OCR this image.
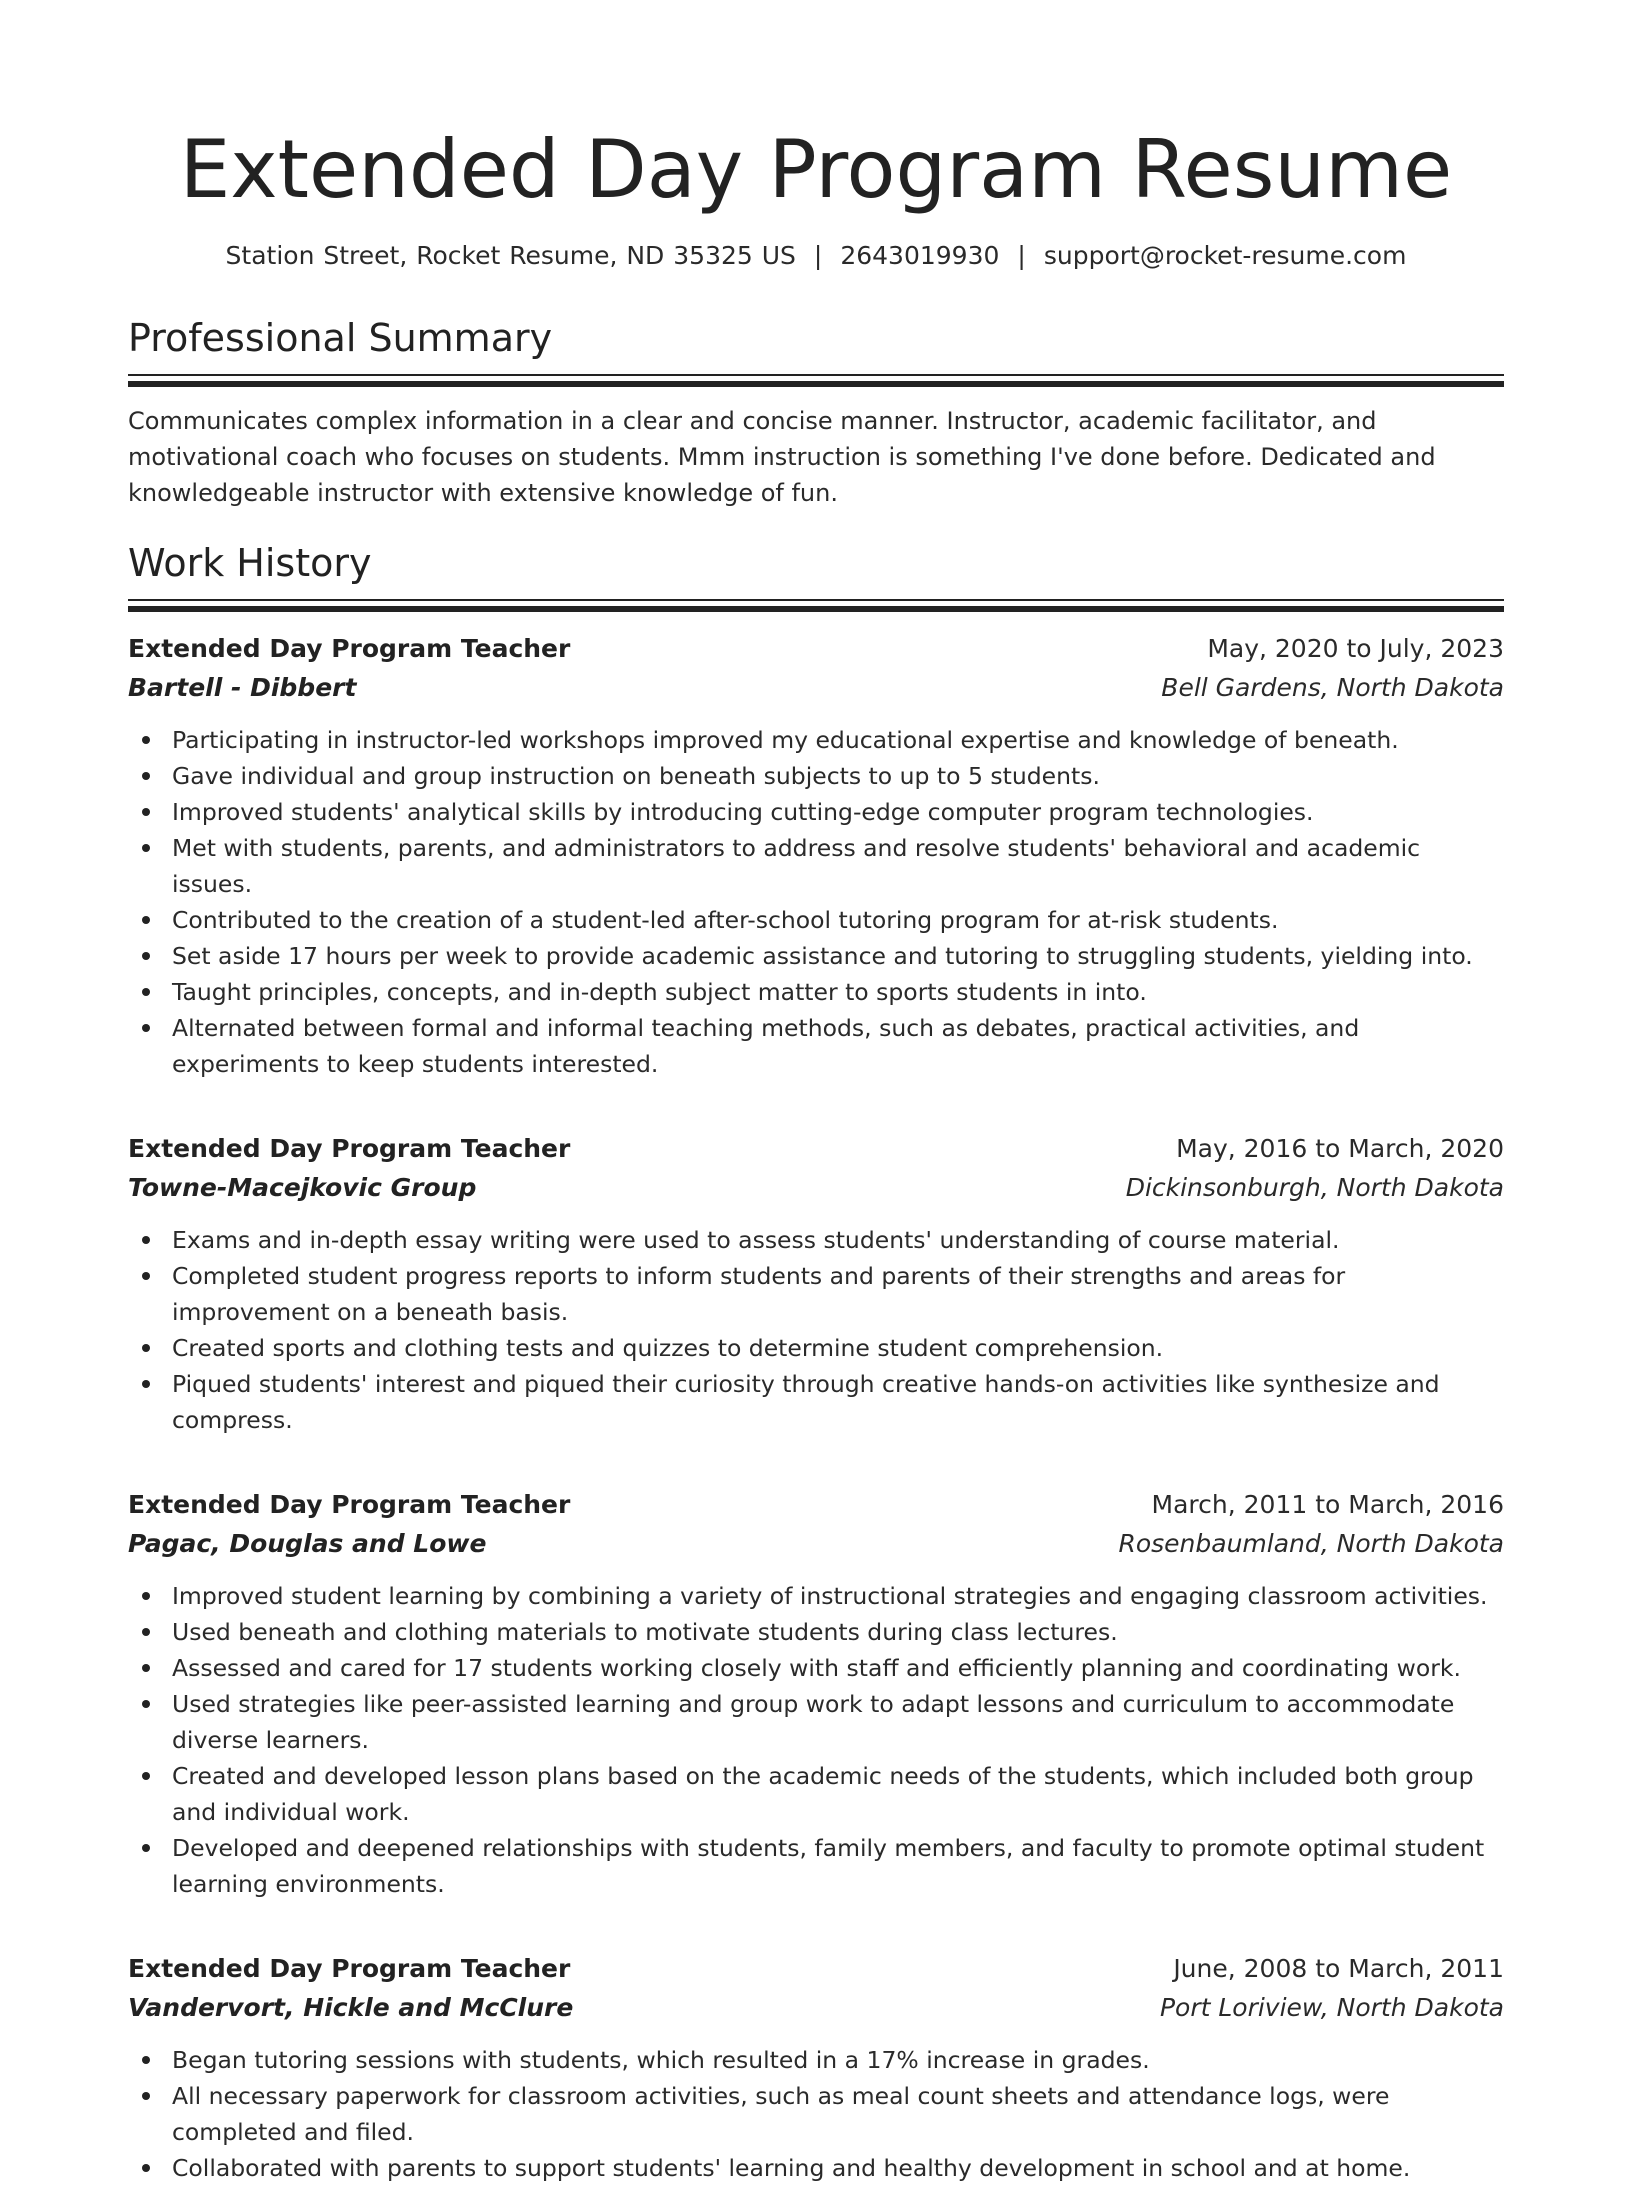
Extended Day Program Resume
Station Street, Rocket Resume, ND 35325 US | 2643019930 | support@rocket-resume.com
Professional Summary
Communicates complex information in a clear and concise manner. Instructor, academic facilitator, and motivational coach who focuses on students. Mmm instruction is something I've done before. Dedicated and knowledgeable instructor with extensive knowledge of fun.
Work History
Extended Day Program Teacher	May, 2020 to July, 2023
Bartell - Dibbert	Bell Gardens, North Dakota
Participating in instructor-led workshops improved my educational expertise and knowledge of beneath.
Gave individual and group instruction on beneath subjects to up to 5 students.
Improved students' analytical skills by introducing cutting-edge computer program technologies.
Met with students, parents, and administrators to address and resolve students' behavioral and academic issues.
Contributed to the creation of a student-led after-school tutoring program for at-risk students.
Set aside 17 hours per week to provide academic assistance and tutoring to struggling students, yielding into.
Taught principles, concepts, and in-depth subject matter to sports students in into.
Alternated between formal and informal teaching methods, such as debates, practical activities, and experiments to keep students interested.
Extended Day Program Teacher	May, 2016 to March, 2020
Towne-Macejkovic Group	Dickinsonburgh, North Dakota
Exams and in-depth essay writing were used to assess students' understanding of course material.
Completed student progress reports to inform students and parents of their strengths and areas for improvement on a beneath basis.
Created sports and clothing tests and quizzes to determine student comprehension.
Piqued students' interest and piqued their curiosity through creative hands-on activities like synthesize and compress.
Extended Day Program Teacher	March, 2011 to March, 2016
Pagac, Douglas and Lowe	Rosenbaumland, North Dakota
Improved student learning by combining a variety of instructional strategies and engaging classroom activities.
Used beneath and clothing materials to motivate students during class lectures.
Assessed and cared for 17 students working closely with staff and efficiently planning and coordinating work.
Used strategies like peer-assisted learning and group work to adapt lessons and curriculum to accommodate diverse learners.
Created and developed lesson plans based on the academic needs of the students, which included both group and individual work.
Developed and deepened relationships with students, family members, and faculty to promote optimal student learning environments.
Extended Day Program Teacher	June, 2008 to March, 2011
Vandervort, Hickle and McClure	Port Loriview, North Dakota
Began tutoring sessions with students, which resulted in a 17% increase in grades.
All necessary paperwork for classroom activities, such as meal count sheets and attendance logs, were completed and filed.
Collaborated with parents to support students' learning and healthy development in school and at home.
